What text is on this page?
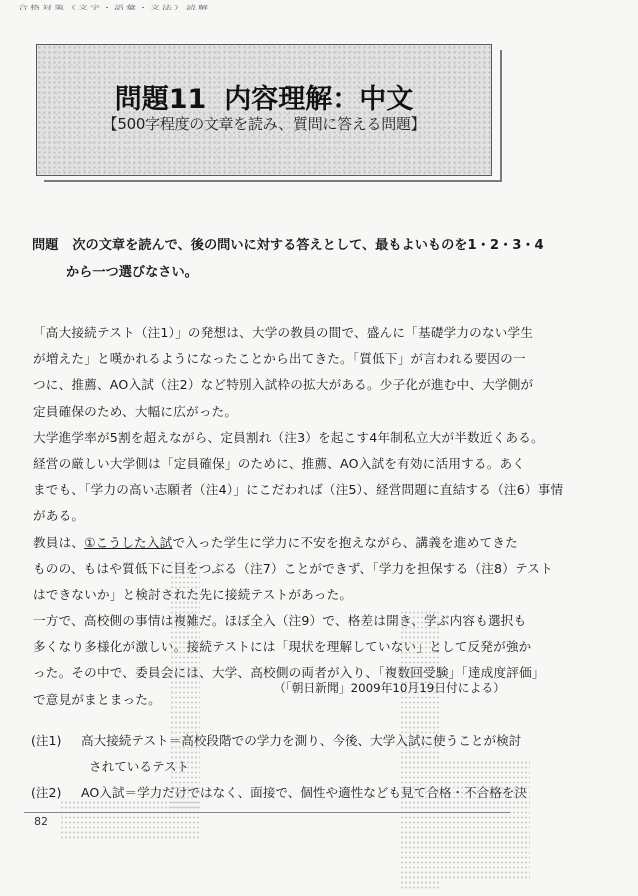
合格対策（文字・語彙・文法）読解
問題11 内容理解：中文
【500字程度の文章を読み、質問に答える問題】
問題 次の文章を読んで、後の問いに対する答えとして、最もよいものを1・2・3・4
から一つ選びなさい。
「高大接続テスト（注1）」の発想は、大学の教員の間で、盛んに「基礎学力のない学生
が増えた」と嘆かれるようになったことから出てきた。「質低下」が言われる要因の一
つに、推薦、AO入試（注2）など特別入試枠の拡大がある。少子化が進む中、大学側が
定員確保のため、大幅に広がった。
大学進学率が5割を超えながら、定員割れ（注3）を起こす4年制私立大が半数近くある。
経営の厳しい大学側は「定員確保」のために、推薦、AO入試を有効に活用する。あく
までも、「学力の高い志願者（注4）」にこだわれば（注5）、経営問題に直結する（注6）事情
がある。
教員は、①こうした入試で入った学生に学力に不安を抱えながら、講義を進めてきた
ものの、もはや質低下に目をつぶる（注7）ことができず、「学力を担保する（注8）テスト
はできないか」と検討された先に接続テストがあった。
一方で、高校側の事情は複雑だ。ほぼ全入（注9）で、格差は開き、学ぶ内容も選択も
多くなり多様化が激しい。接続テストには「現状を理解していない」として反発が強か
った。その中で、委員会には、大学、高校側の両者が入り、「複数回受験」「達成度評価」
で意見がまとまった。
（「朝日新聞」2009年10月19日付による）
(注1) 高大接続テスト＝高校段階での学力を測り、今後、大学入試に使うことが検討
されているテスト
(注2) AO入試＝学力だけではなく、面接で、個性や適性なども見て合格・不合格を決
82
